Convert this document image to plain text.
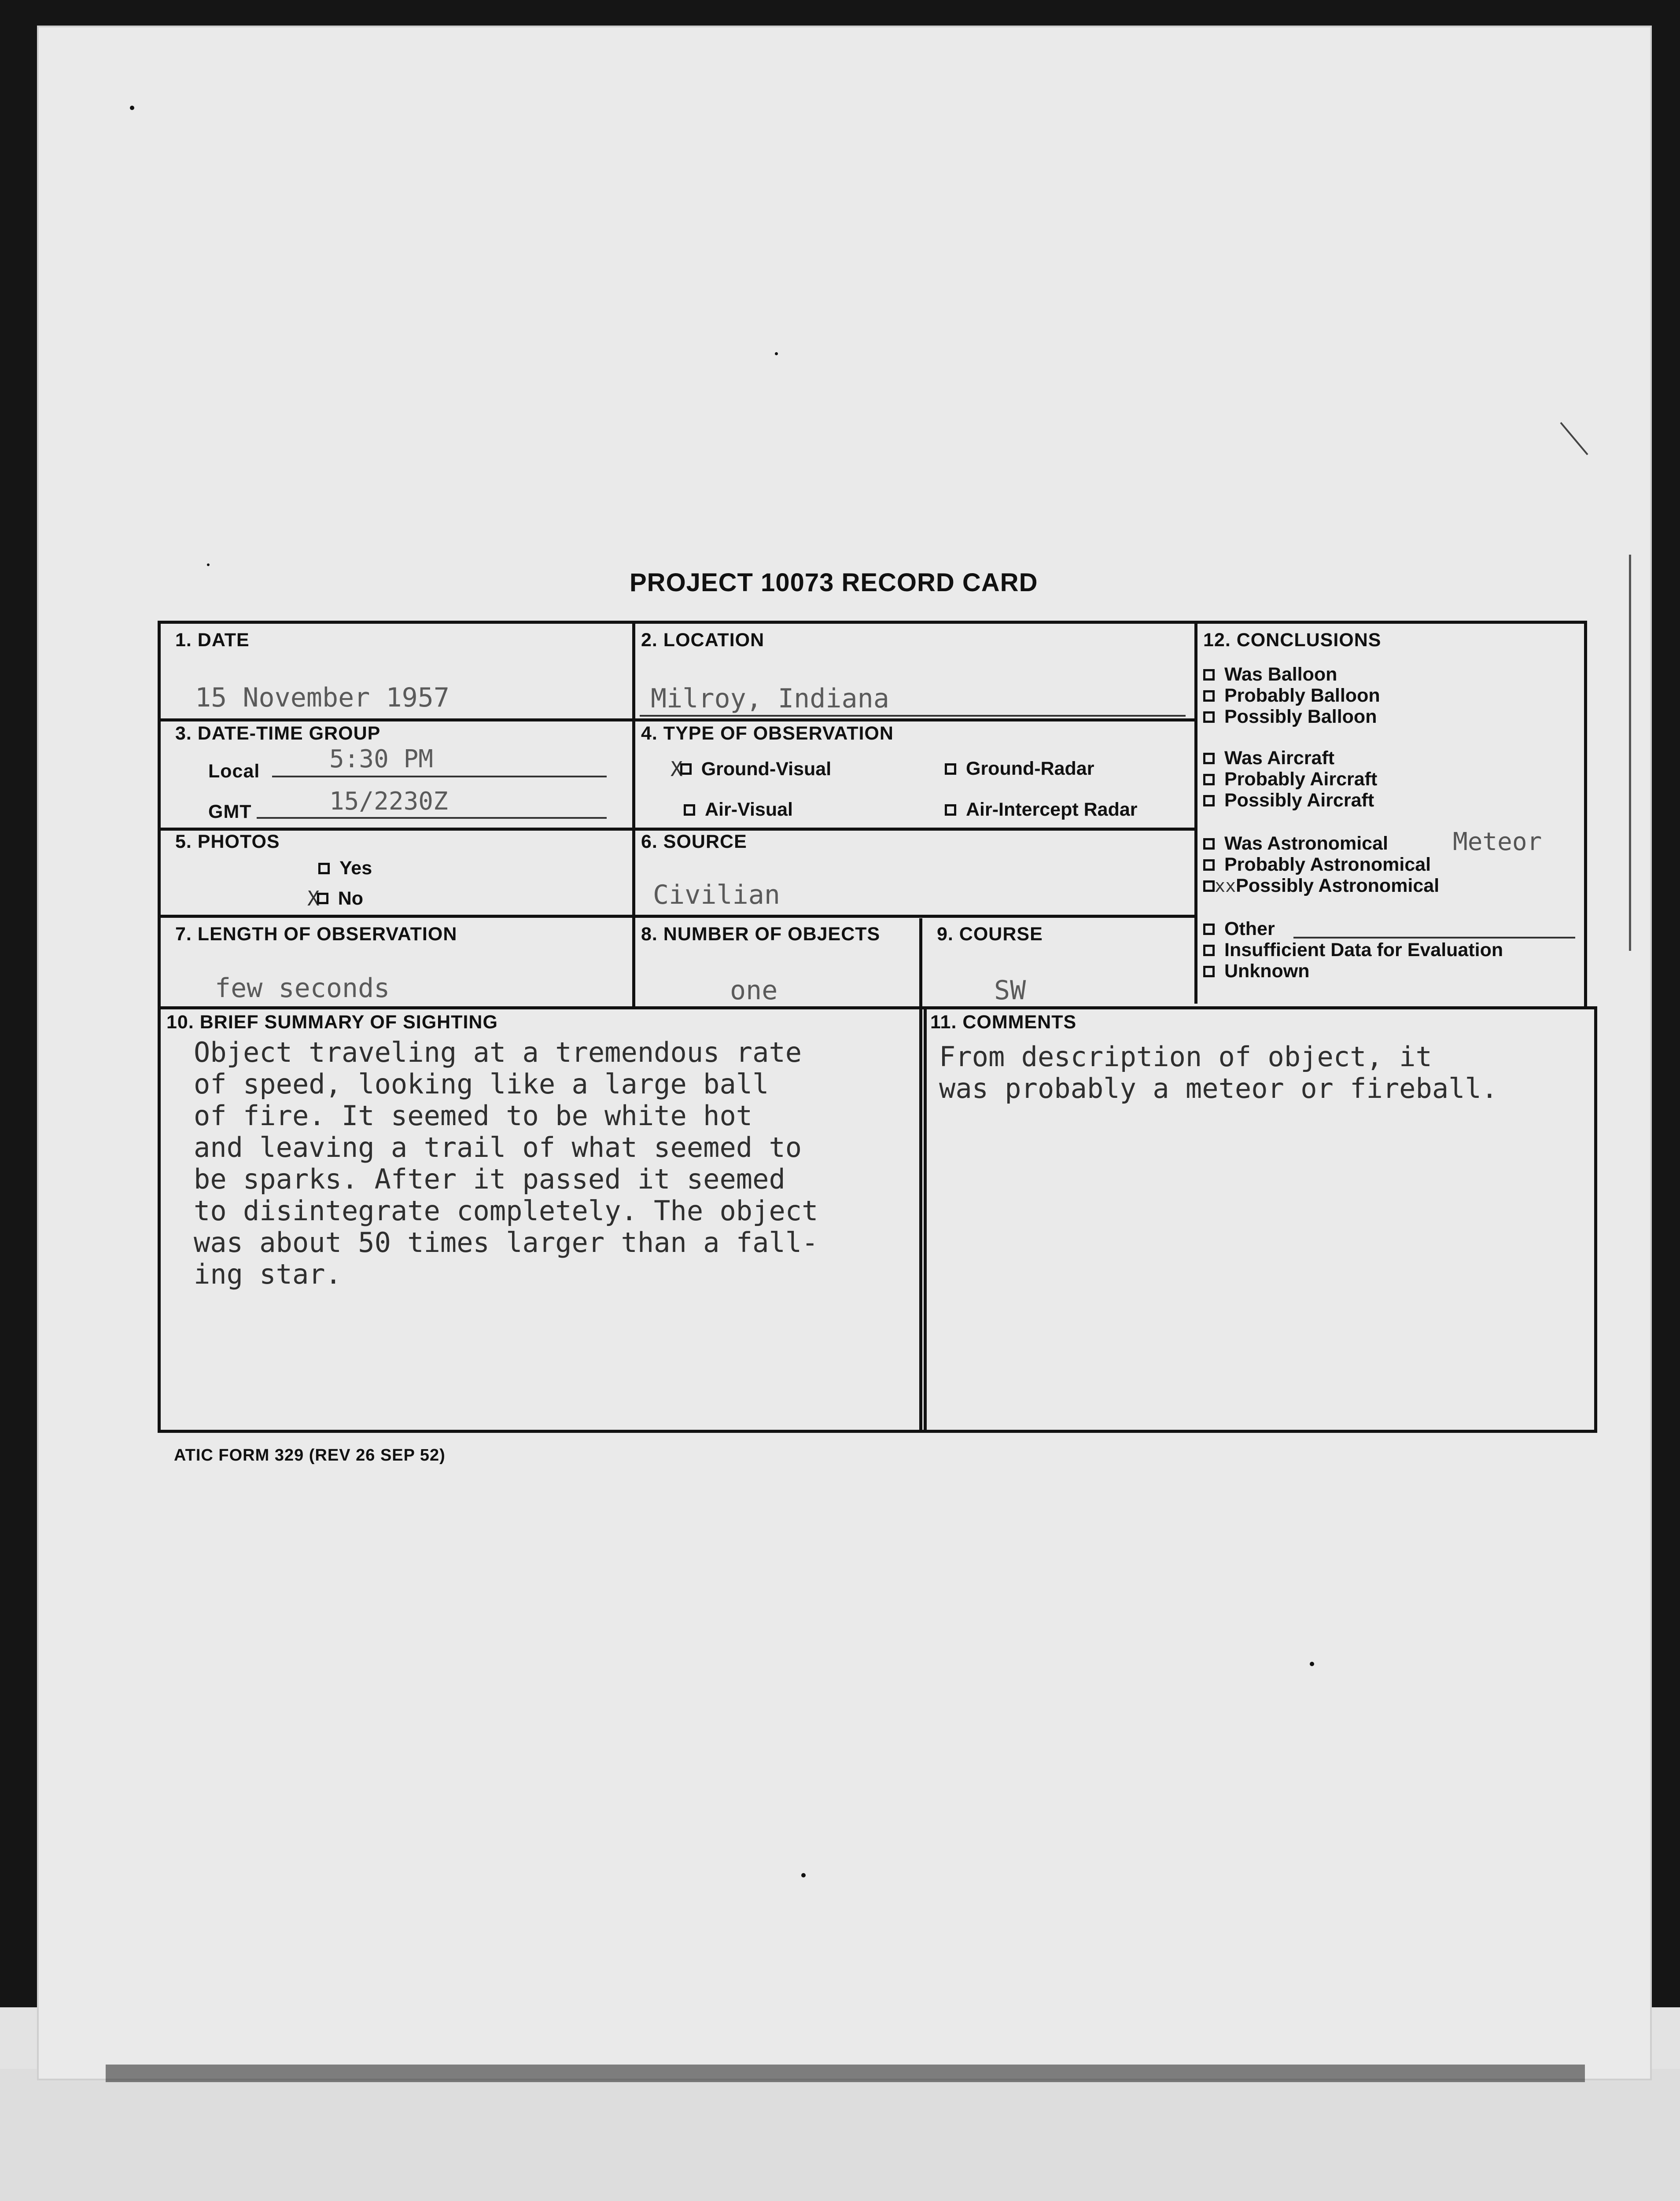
PROJECT 10073 RECORD CARD
1. DATE
15 November 1957
2. LOCATION
Milroy, Indiana
3. DATE-TIME GROUP
Local	5:30 PM
GMT	15/2230Z
4. TYPE OF OBSERVATION
X Ground-Visual	Ground-Radar
Air-Visual	Air-Intercept Radar
5. PHOTOS
Yes
X No
6. SOURCE
Civilian
7. LENGTH OF OBSERVATION
few seconds
8. NUMBER OF OBJECTS
one
9. COURSE
SW
12. CONCLUSIONS
Was Balloon
Probably Balloon
Possibly Balloon
Was Aircraft
Probably Aircraft
Possibly Aircraft
Was Astronomical	Meteor
Probably Astronomical
xx Possibly Astronomical
Other
Insufficient Data for Evaluation
Unknown
10. BRIEF SUMMARY OF SIGHTING
Object traveling at a tremendous rate
of speed, looking like a large ball
of fire. It seemed to be white hot
and leaving a trail of what seemed to
be sparks. After it passed it seemed
to disintegrate completely. The object
was about 50 times larger than a fall-
ing star.
11. COMMENTS
From description of object, it
was probably a meteor or fireball.
ATIC FORM 329 (REV 26 SEP 52)
